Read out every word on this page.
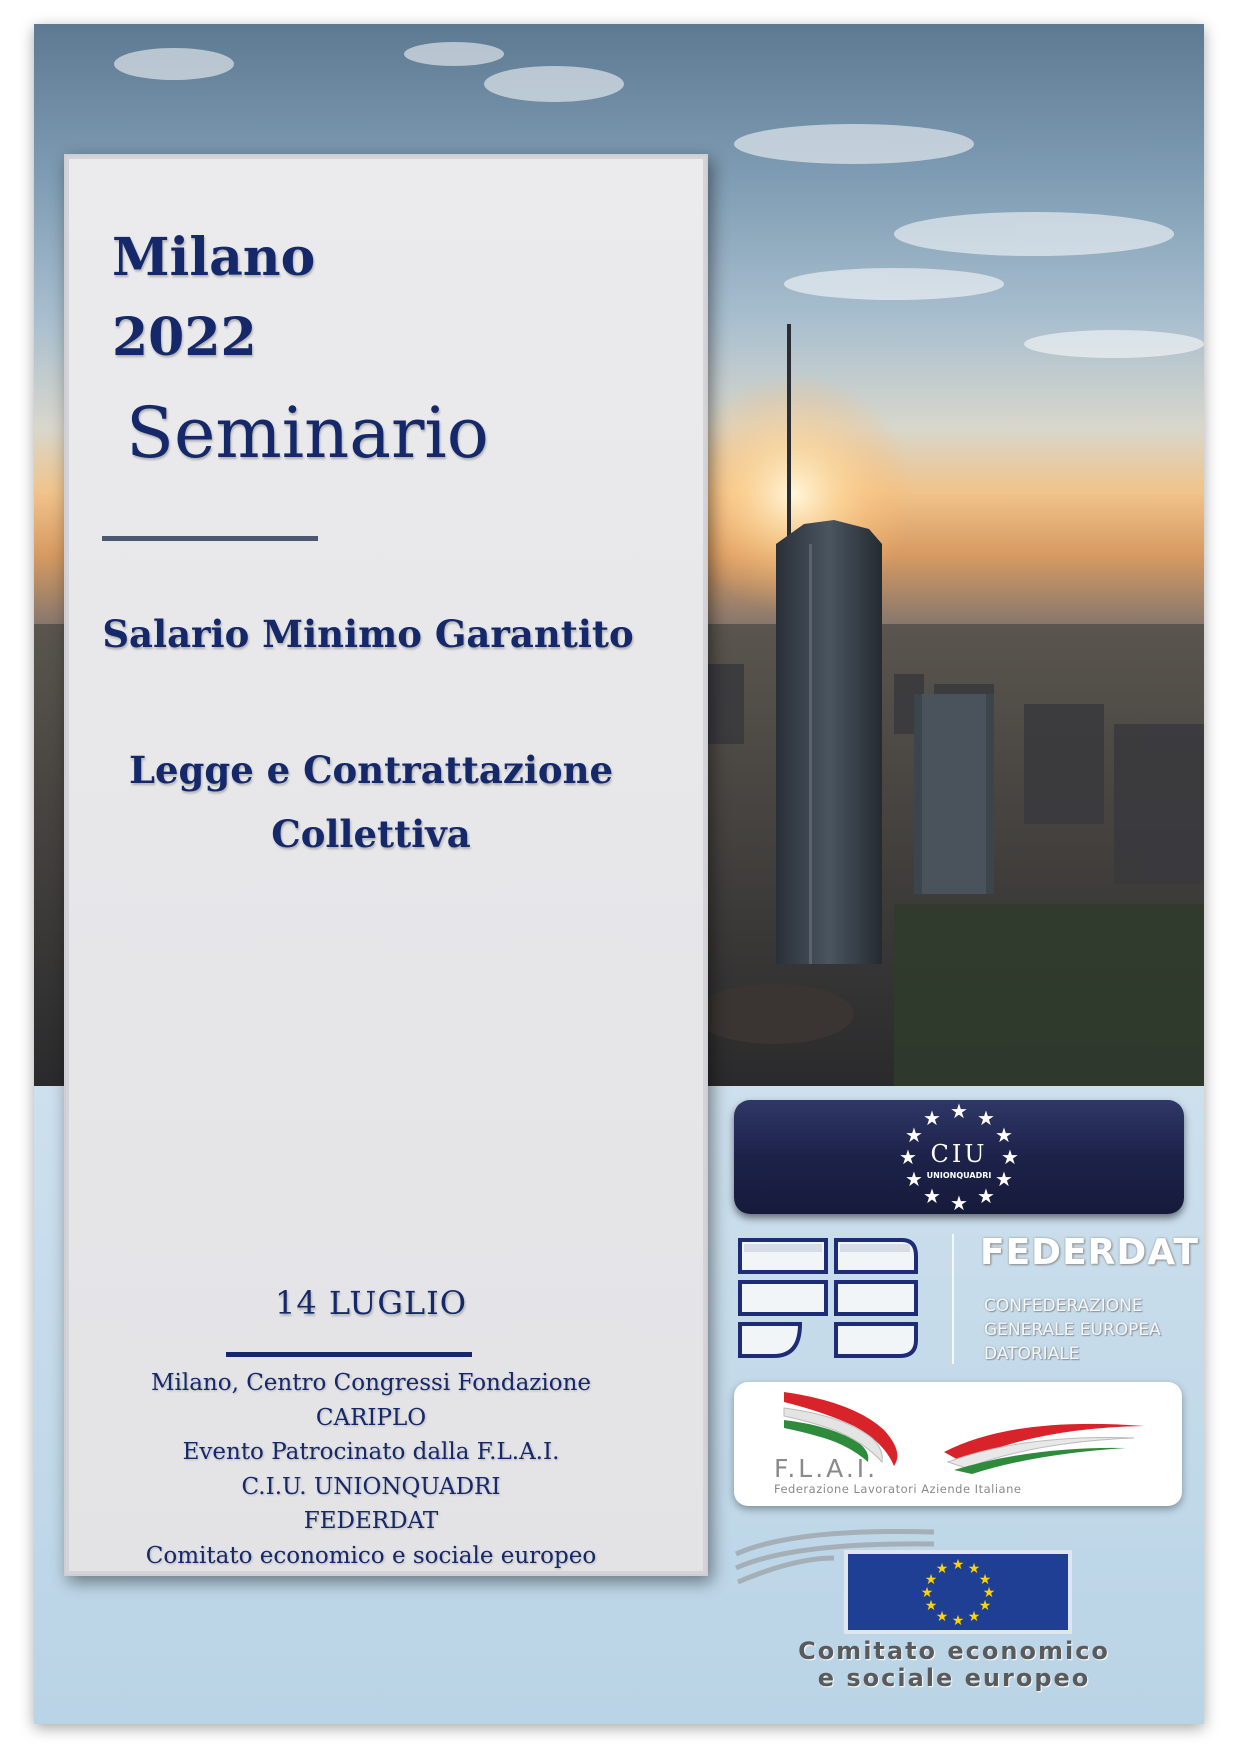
Milano
2022
Seminario
Salario Minimo Garantito
Legge e Contrattazione
Collettiva
14 LUGLIO
Milano, Centro Congressi Fondazione
CARIPLO
Evento Patrocinato dalla F.L.A.I.
C.I.U. UNIONQUADRI
FEDERDAT
Comitato economico e sociale europeo
★ ★
★
★
★
★
★
★
★
★
★
★
CIU
UNIONQUADRI
FEDERDAT
CONFEDERAZIONE
GENERALE EUROPEA
DATORIALE
F.L.A.I.
Federazione Lavoratori Aziende Italiane
★ ★
★
★
★
★
★
★
★
★
★
★
Comitato economico
e sociale europeo
